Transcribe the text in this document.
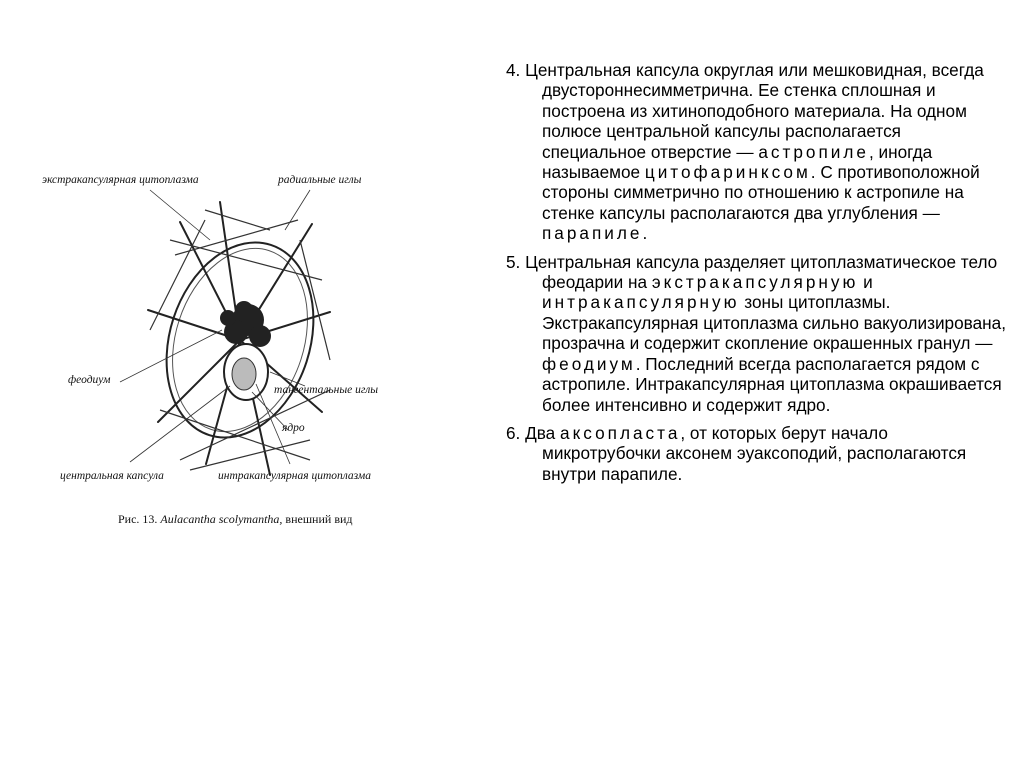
экстракапсулярная цитоплазма	радиальные иглы
феодиум
тангентальные иглы
ядро
центральная капсула	интракапсулярная цитоплазма
Рис. 13. Aulacantha scolymantha, внешний вид
4. Центральная капсула округлая или мешковидная, всегда двустороннесимметрична. Ее стенка сплошная и построена из хитиноподобного материала. На одном полюсе центральной капсулы располагается специальное отверстие — астропиле, иногда называемое цитофаринксом. С противоположной стороны симметрично по отношению к астропиле на стенке капсулы располагаются два углубления — парапиле.
5. Центральная капсула разделяет цитоплазматическое тело феодарии на экстракапсулярную и интракапсулярную зоны цитоплазмы. Экстракапсулярная цитоплазма сильно вакуолизирована, прозрачна и содержит скопление окрашенных гранул — феодиум. Последний всегда располагается рядом с астропиле. Интракапсулярная цитоплазма окрашивается более интенсивно и содержит ядро.
6. Два аксопласта, от которых берут начало микротрубочки аксонем эуаксоподий, располагаются внутри парапиле.
